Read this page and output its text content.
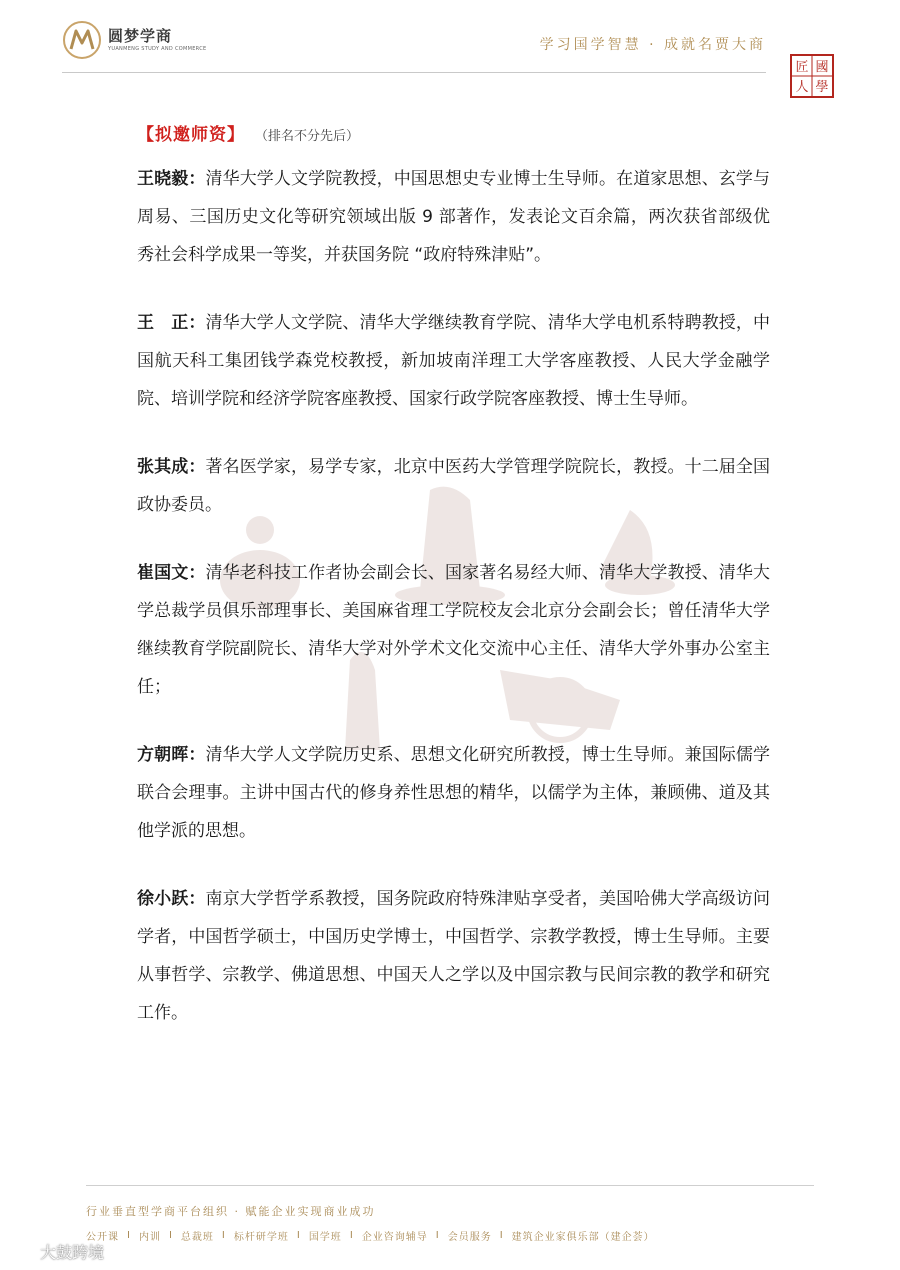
圆梦学商
YUANMENG STUDY AND COMMERCE	学习国学智慧 · 成就名贾大商
國
學
匠
人
【拟邀师资】 （排名不分先后）

王晓毅：清华大学人文学院教授，中国思想史专业博士生导师。在道家思想、玄学与周易、三国历史文化等研究领域出版 9 部著作，发表论文百余篇，两次获省部级优秀社会科学成果一等奖，并获国务院 “政府特殊津贴”。

王　正：清华大学人文学院、清华大学继续教育学院、清华大学电机系特聘教授，中国航天科工集团钱学森党校教授，新加坡南洋理工大学客座教授、人民大学金融学院、培训学院和经济学院客座教授、国家行政学院客座教授、博士生导师。

张其成：著名医学家，易学专家，北京中医药大学管理学院院长，教授。十二届全国政协委员。

崔国文：清华老科技工作者协会副会长、国家著名易经大师、清华大学教授、清华大学总裁学员俱乐部理事长、美国麻省理工学院校友会北京分会副会长；曾任清华大学继续教育学院副院长、清华大学对外学术文化交流中心主任、清华大学外事办公室主任；

方朝晖：清华大学人文学院历史系、思想文化研究所教授，博士生导师。兼国际儒学联合会理事。主讲中国古代的修身养性思想的精华，以儒学为主体，兼顾佛、道及其他学派的思想。

徐小跃：南京大学哲学系教授，国务院政府特殊津贴享受者，美国哈佛大学高级访问学者，中国哲学硕士，中国历史学博士，中国哲学、宗教学教授，博士生导师。主要从事哲学、宗教学、佛道思想、中国天人之学以及中国宗教与民间宗教的教学和研究工作。

行业垂直型学商平台组织 · 赋能企业实现商业成功
公开课 I 内训 I 总裁班 I 标杆研学班 I 国学班 I 企业咨询辅导 I 会员服务 I 建筑企业家俱乐部（建企荟）
大鼓跨境
